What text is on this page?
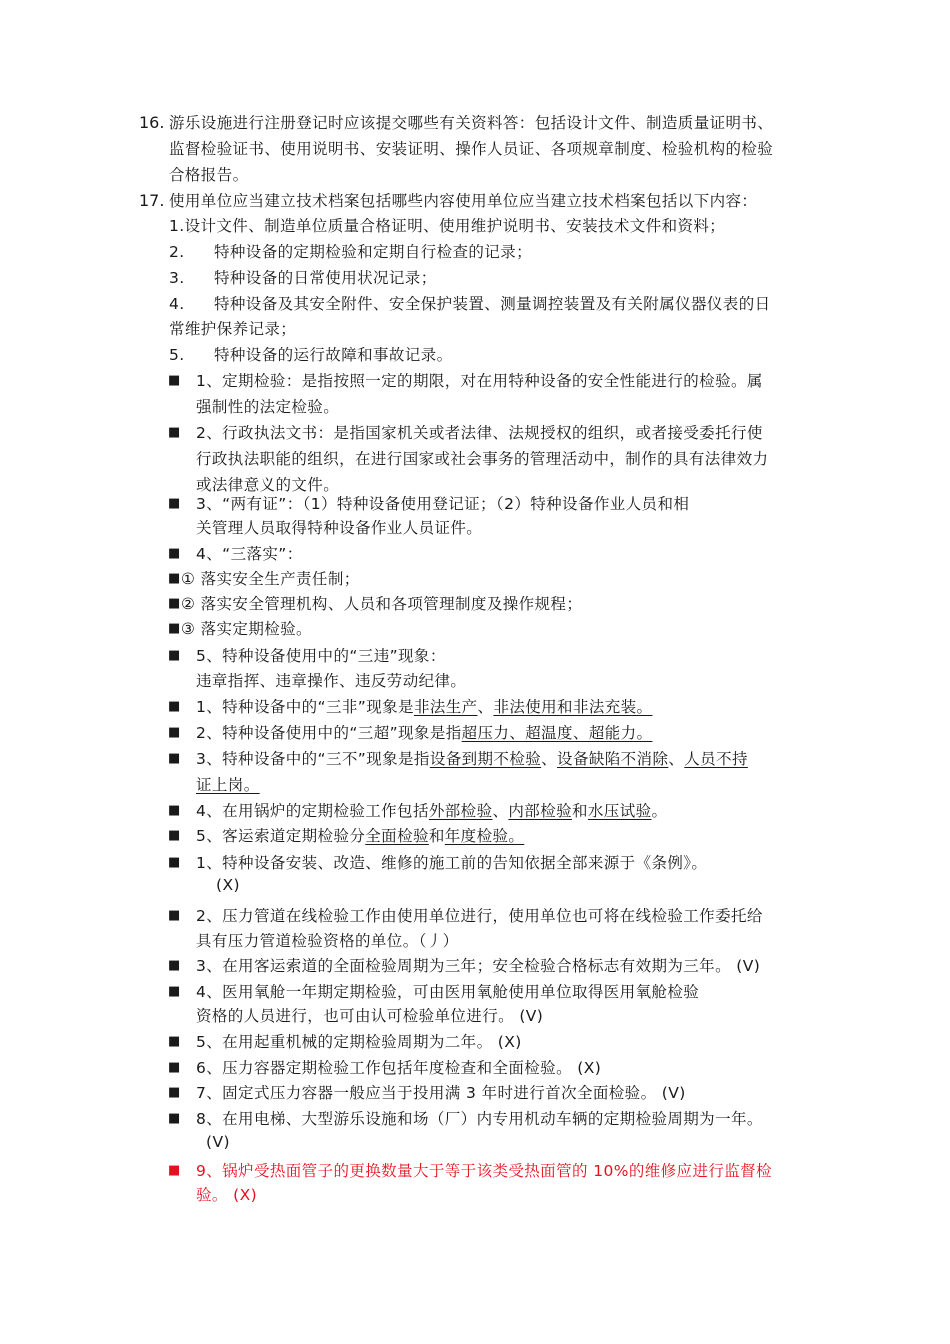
16. 游乐设施进行注册登记时应该提交哪些有关资料答：包括设计文件、制造质量证明书、
监督检验证书、使用说明书、安装证明、操作人员证、各项规章制度、检验机构的检验
合格报告。
17. 使用单位应当建立技术档案包括哪些内容使用单位应当建立技术档案包括以下内容：
1.设计文件、制造单位质量合格证明、使用维护说明书、安装技术文件和资料；
2. 特种设备的定期检验和定期自行检查的记录；
3. 特种设备的日常使用状况记录；
4. 特种设备及其安全附件、安全保护装置、测量调控装置及有关附属仪器仪表的日
常维护保养记录；
5. 特种设备的运行故障和事故记录。
■ 1、定期检验：是指按照一定的期限，对在用特种设备的安全性能进行的检验。属
强制性的法定检验。
■ 2、行政执法文书：是指国家机关或者法律、法规授权的组织，或者接受委托行使
行政执法职能的组织，在进行国家或社会事务的管理活动中，制作的具有法律效力
或法律意义的文件。
■ 3、“两有证”：（1）特种设备使用登记证；（2）特种设备作业人员和相
关管理人员取得特种设备作业人员证件。
■ 4、“三落实”：
■ ① 落实安全生产责任制；
■ ② 落实安全管理机构、人员和各项管理制度及操作规程；
■ ③ 落实定期检验。
■ 5、特种设备使用中的“三违”现象：
违章指挥、违章操作、违反劳动纪律。
■ 1、特种设备中的“三非”现象是非法生产、非法使用和非法充装。
■ 2、特种设备使用中的“三超”现象是指超压力、超温度、超能力。
■ 3、特种设备中的“三不”现象是指设备到期不检验、设备缺陷不消除、人员不持
证上岗。
■ 4、在用锅炉的定期检验工作包括外部检验、内部检验和水压试验。
■ 5、客运索道定期检验分全面检验和年度检验。
■ 1、特种设备安装、改造、维修的施工前的告知依据全部来源于《条例》。
(X)
■ 2、压力管道在线检验工作由使用单位进行，使用单位也可将在线检验工作委托给
具有压力管道检验资格的单位。（丿）
■ 3、在用客运索道的全面检验周期为三年；安全检验合格标志有效期为三年。 (V)
■ 4、医用氧舱一年期定期检验，可由医用氧舱使用单位取得医用氧舱检验
资格的人员进行，也可由认可检验单位进行。 (V)
■ 5、在用起重机械的定期检验周期为二年。 (X)
■ 6、压力容器定期检验工作包括年度检查和全面检验。 (X)
■ 7、固定式压力容器一般应当于投用满 3 年时进行首次全面检验。 (V)
■ 8、在用电梯、大型游乐设施和场（厂）内专用机动车辆的定期检验周期为一年。
(V)
■ 9、锅炉受热面管子的更换数量大于等于该类受热面管的 10%的维修应进行监督检
验。 (X)
